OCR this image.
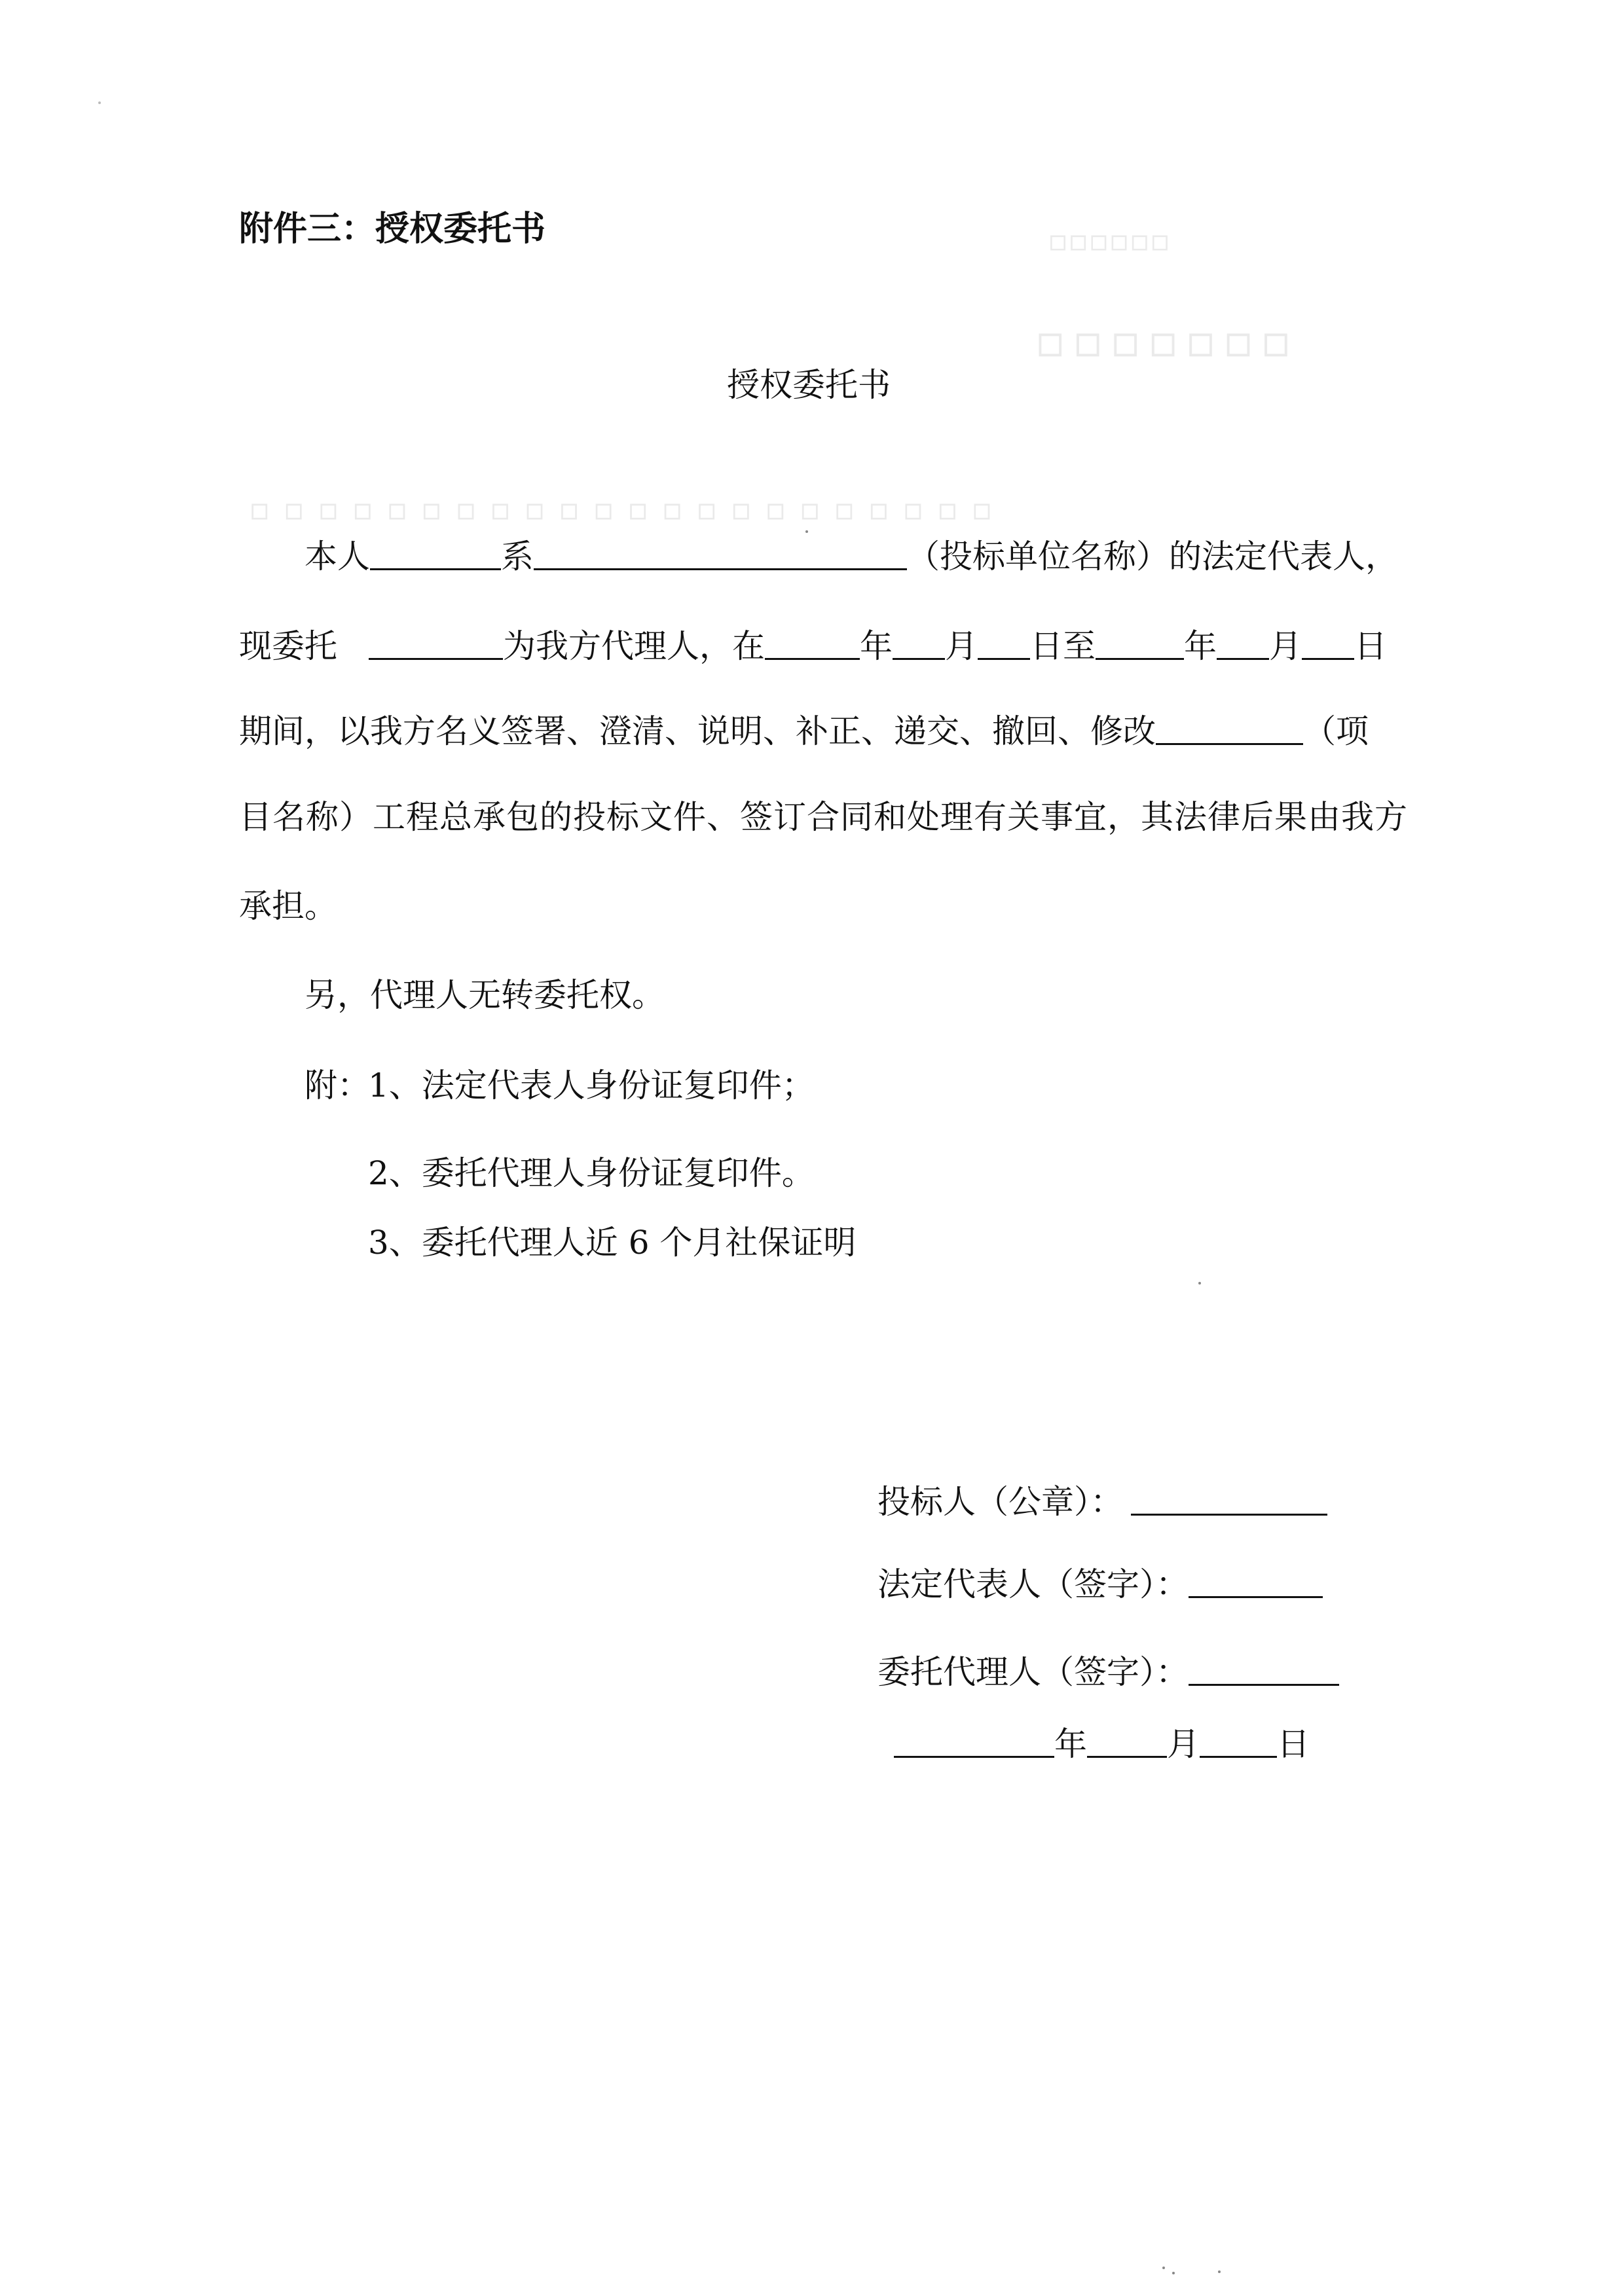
▫▫▫▫▫▫
▫▫▫▫▫▫▫
▫▫▫▫▫▫▫▫▫▫▫▫▫▫▫▫▫▫▫▫▫▫
附件三：授权委托书
授权委托书
本人	系	（投标单位名称）的法定代表人，
现委托	为我方代理人，在	年 月 日至	年 月 日
期间，以我方名义签署、澄清、说明、补正、递交、撤回、修改	（项
目名称）工程总承包的投标文件、签订合同和处理有关事宜，其法律后果由我方
承担。
另，代理人无转委托权。
附：
1、法定代表人身份证复印件；
2、委托代理人身份证复印件。
3、委托代理人近 6 个月社保证明
投标人（公章）：
法定代表人（签字）：
委托代理人（签字）：
年 月 日
